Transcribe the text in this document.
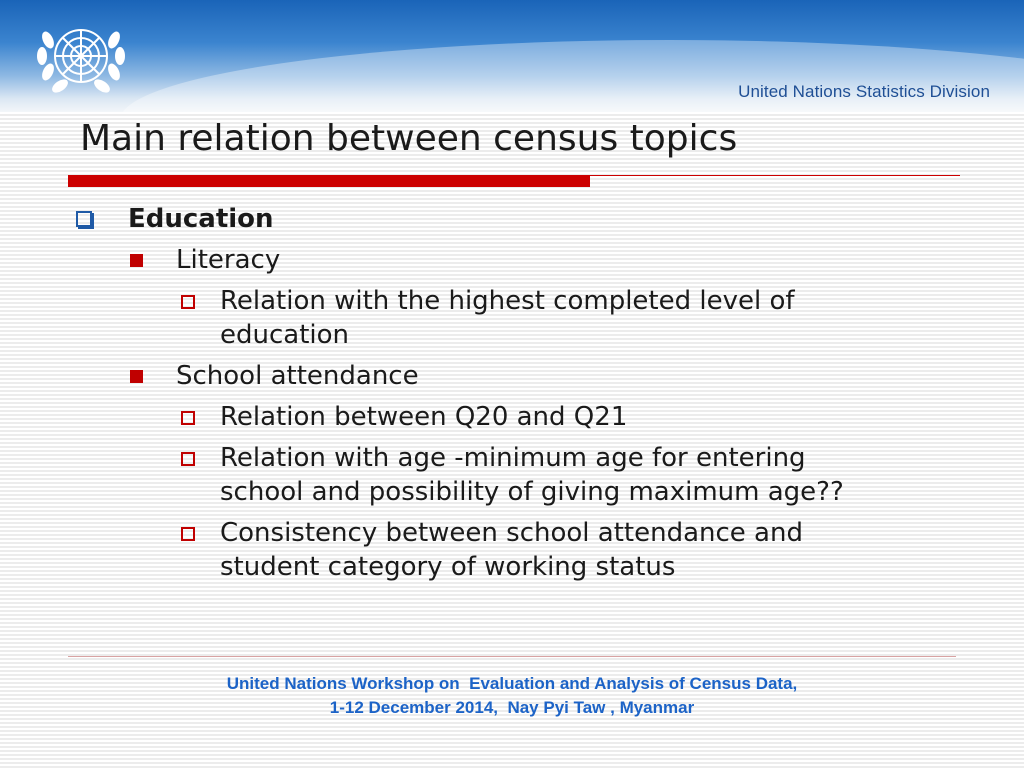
United Nations Statistics Division
Main relation between census topics
Education
Literacy
Relation with the highest completed level of
education
School attendance
Relation between Q20 and Q21
Relation with age -minimum age for entering
school and possibility of giving maximum age??
Consistency between school attendance and
student category of working status
United Nations Workshop on  Evaluation and Analysis of Census Data,
1-12 December 2014,  Nay Pyi Taw , Myanmar
